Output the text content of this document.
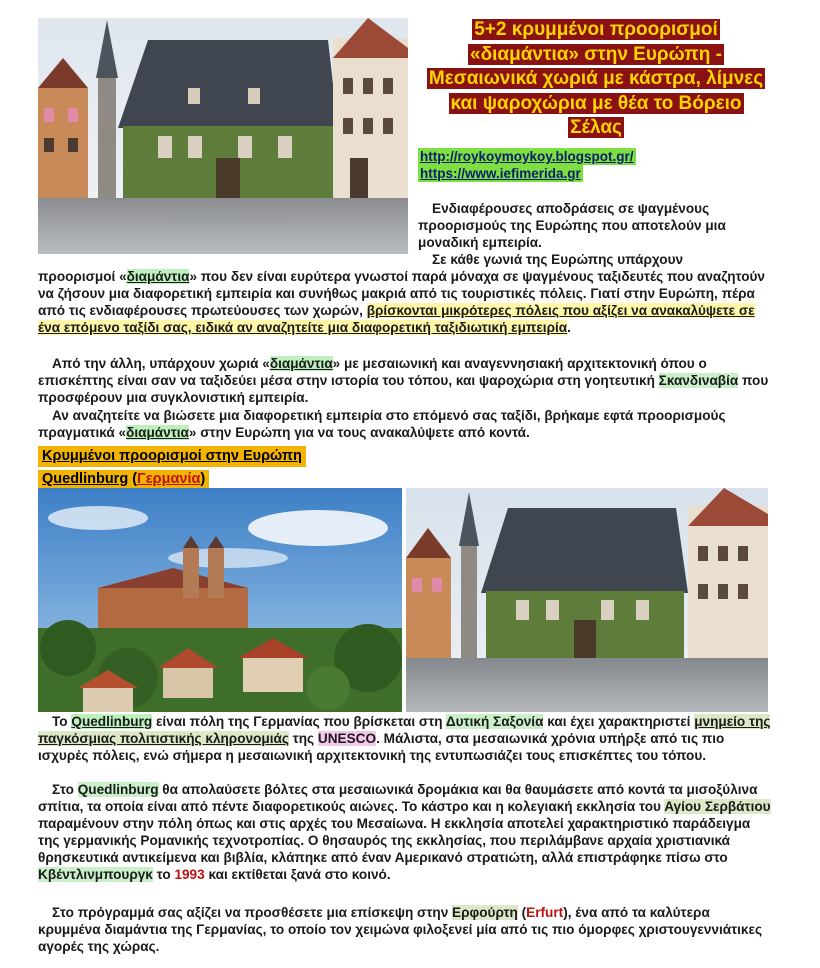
5+2 κρυμμένοι προορισμοί «διαμάντια» στην Ευρώπη - Μεσαιωνικά χωριά με κάστρα, λίμνες και ψαροχώρια με θέα το Βόρειο Σέλας
http://roykoymoykoy.blogspot.gr/
https://www.iefimerida.gr

Ενδιαφέρουσες αποδράσεις σε ψαγμένους προορισμούς της Ευρώπης που αποτελούν μια μοναδική εμπειρία.

Σε κάθε γωνιά της Ευρώπης υπάρχουν

προορισμοί «διαμάντια» που δεν είναι ευρύτερα γνωστοί παρά μόναχα σε ψαγμένους ταξιδευτές που αναζητούν να ζήσουν μια διαφορετική εμπειρία και συνήθως μακριά από τις τουριστικές πόλεις. Γιατί στην Ευρώπη, πέρα από τις ενδιαφέρουσες πρωτεύουσες των χωρών, βρίσκονται μικρότερες πόλεις που αξίζει να ανακαλύψετε σε ένα επόμενο ταξίδι σας, ειδικά αν αναζητείτε μια διαφορετική ταξιδιωτική εμπειρία.
Από την άλλη, υπάρχουν χωριά «διαμάντια» με μεσαιωνική και αναγεννησιακή αρχιτεκτονική όπου ο επισκέπτης είναι σαν να ταξιδεύει μέσα στην ιστορία του τόπου, και ψαροχώρια στη γοητευτική Σκανδιναβία που προσφέρουν μια συγκλονιστική εμπειρία.
Αν αναζητείτε να βιώσετε μια διαφορετική εμπειρία στο επόμενό σας ταξίδι, βρήκαμε εφτά προορισμούς πραγματικά «διαμάντια» στην Ευρώπη για να τους ανακαλύψετε από κοντά.
Κρυμμένοι προορισμοί στην Ευρώπη
Quedlinburg (Γερμανία)
Το Quedlinburg είναι πόλη της Γερμανίας που βρίσκεται στη Δυτική Σαξονία και έχει χαρακτηριστεί μνημείο της παγκόσμιας πολιτιστικής κληρονομιάς της UNESCO. Μάλιστα, στα μεσαιωνικά χρόνια υπήρξε από τις πιο ισχυρές πόλεις, ενώ σήμερα η μεσαιωνική αρχιτεκτονική της εντυπωσιάζει τους επισκέπτες του τόπου.
Στο Quedlinburg θα απολαύσετε βόλτες στα μεσαιωνικά δρομάκια και θα θαυμάσετε από κοντά τα μισοξύλινα σπίτια, τα οποία είναι από πέντε διαφορετικούς αιώνες. Το κάστρο και η κολεγιακή εκκλησία του Αγίου Σερβάτιου παραμένουν στην πόλη όπως και στις αρχές του Μεσαίωνα. Η εκκλησία αποτελεί χαρακτηριστικό παράδειγμα της γερμανικής Ρομανικής τεχνοτροπίας. Ο θησαυρός της εκκλησίας, που περιλάμβανε αρχαία χριστιανικά θρησκευτικά αντικείμενα και βιβλία, κλάπηκε από έναν Αμερικανό στρατιώτη, αλλά επιστράφηκε πίσω στο Κβέντλινμπουργκ το 1993 και εκτίθεται ξανά στο κοινό.
Στο πρόγραμμά σας αξίζει να προσθέσετε μια επίσκεψη στην Ερφούρτη (Erfurt), ένα από τα καλύτερα κρυμμένα διαμάντια της Γερμανίας, το οποίο τον χειμώνα φιλοξενεί μία από τις πιο όμορφες χριστουγεννιάτικες αγορές της χώρας.
